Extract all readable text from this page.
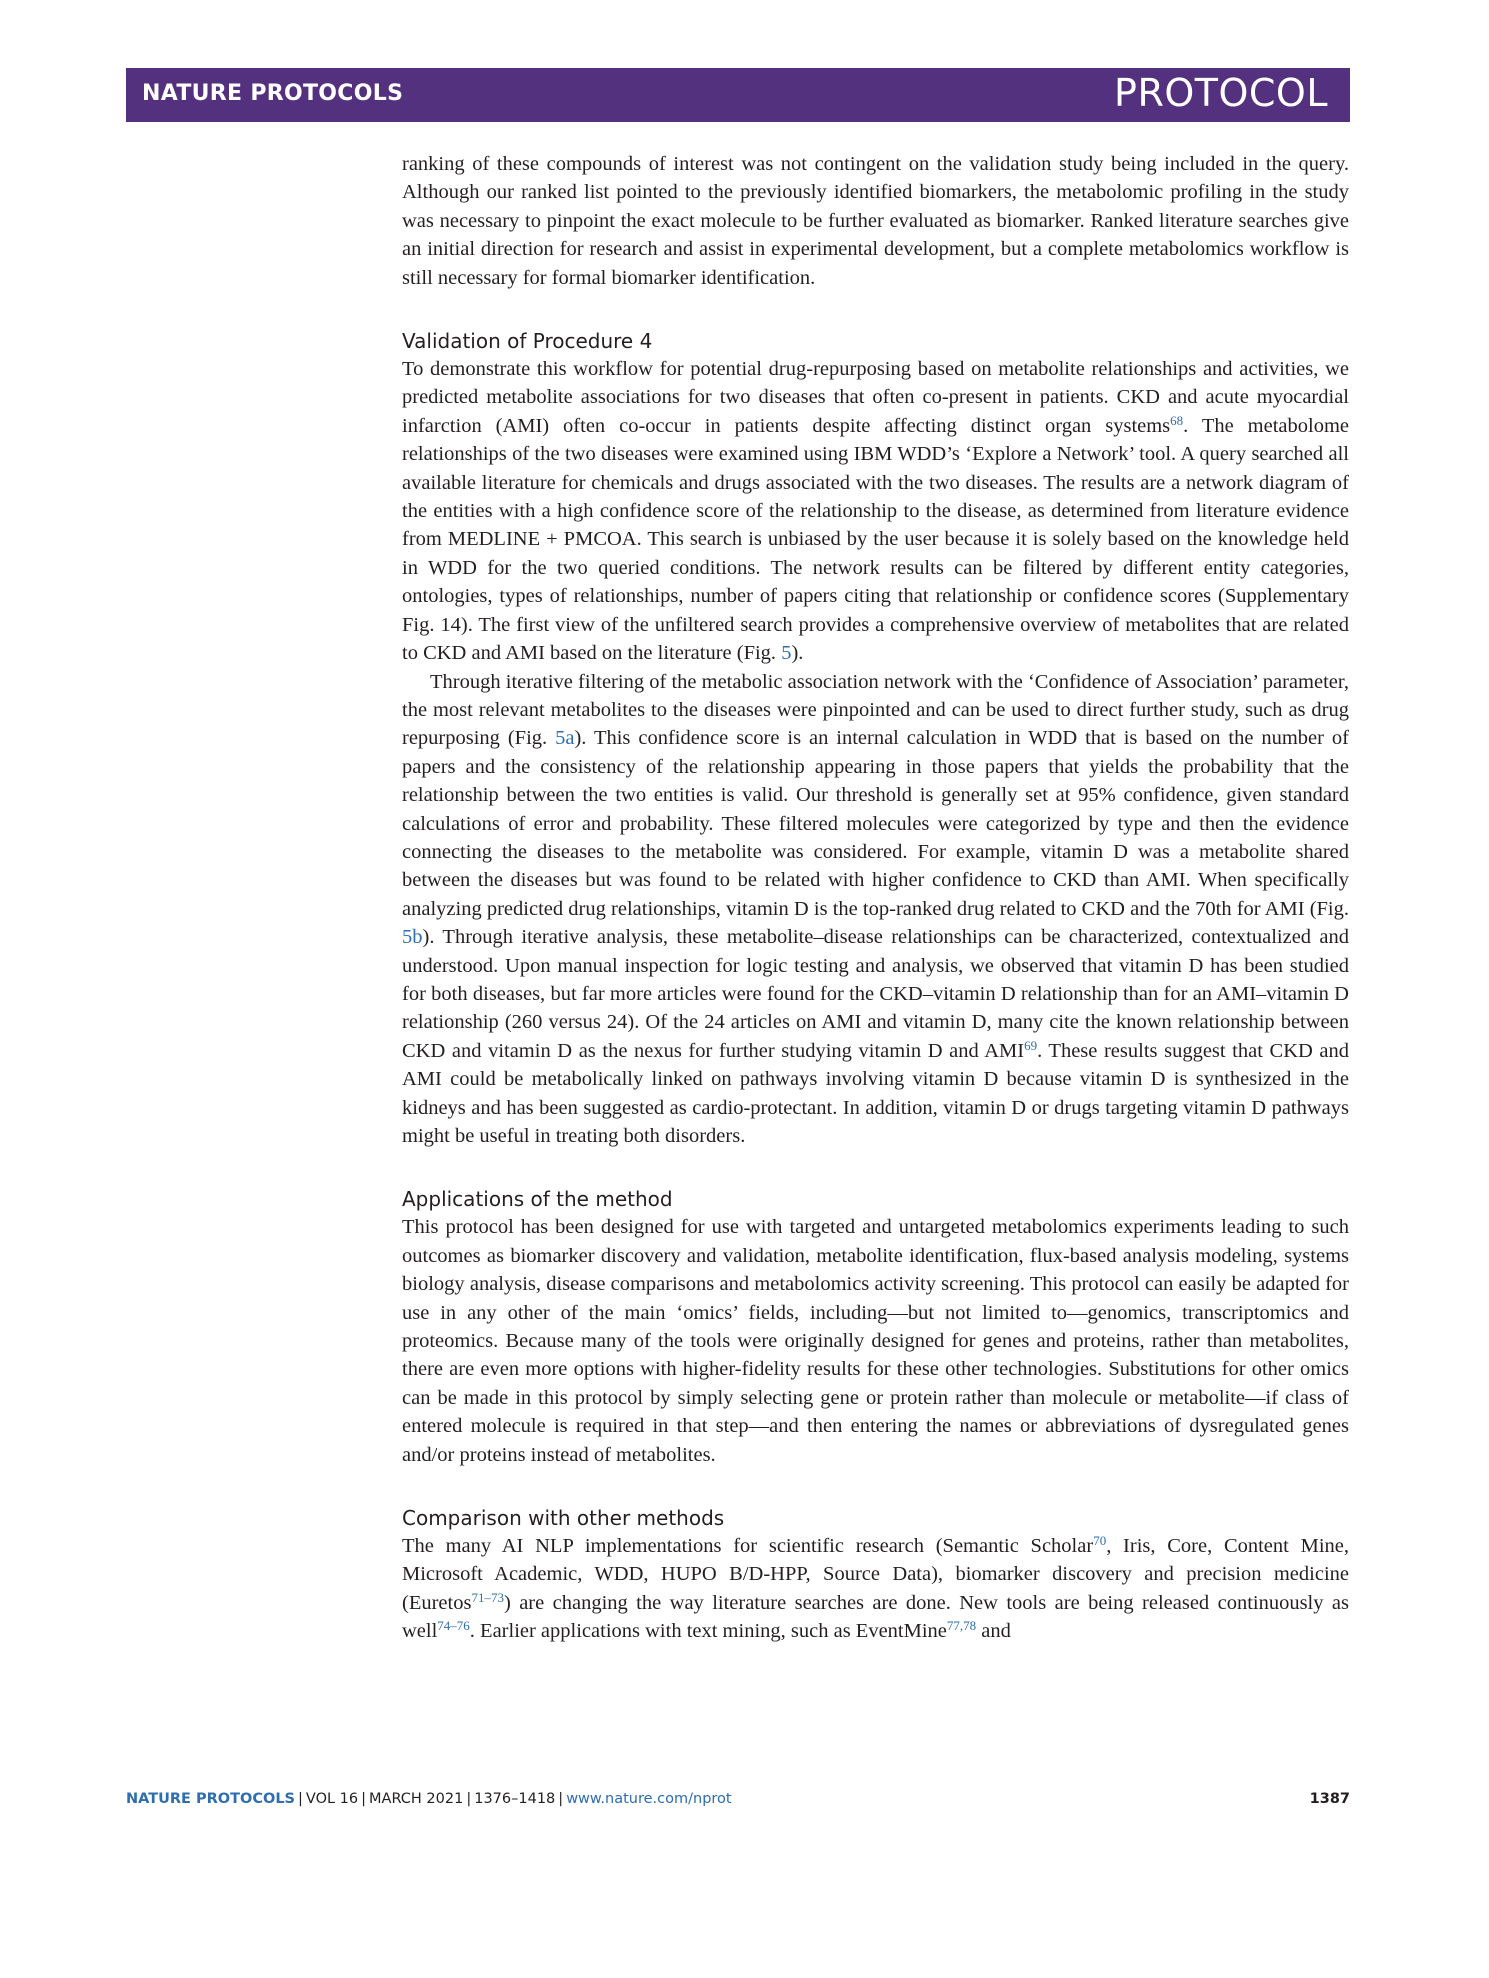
NATURE PROTOCOLS	PROTOCOL

ranking of these compounds of interest was not contingent on the validation study being included in the query. Although our ranked list pointed to the previously identified biomarkers, the metabolomic profiling in the study was necessary to pinpoint the exact molecule to be further evaluated as biomarker. Ranked literature searches give an initial direction for research and assist in experimental development, but a complete metabolomics workflow is still necessary for formal biomarker identification.

Validation of Procedure 4

To demonstrate this workflow for potential drug-repurposing based on metabolite relationships and activities, we predicted metabolite associations for two diseases that often co-present in patients. CKD and acute myocardial infarction (AMI) often co-occur in patients despite affecting distinct organ systems$^{68}$. The metabolome relationships of the two diseases were examined using IBM WDD’s ‘Explore a Network’ tool. A query searched all available literature for chemicals and drugs associated with the two diseases. The results are a network diagram of the entities with a high confidence score of the relationship to the disease, as determined from literature evidence from MEDLINE + PMCOA. This search is unbiased by the user because it is solely based on the knowledge held in WDD for the two queried conditions. The network results can be filtered by different entity categories, ontologies, types of relationships, number of papers citing that relationship or confidence scores (Supplementary Fig. 14). The first view of the unfiltered search provides a comprehensive overview of metabolites that are related to CKD and AMI based on the literature (Fig. 5).

Through iterative filtering of the metabolic association network with the ‘Confidence of Association’ parameter, the most relevant metabolites to the diseases were pinpointed and can be used to direct further study, such as drug repurposing (Fig. 5a). This confidence score is an internal calculation in WDD that is based on the number of papers and the consistency of the relationship appearing in those papers that yields the probability that the relationship between the two entities is valid. Our threshold is generally set at 95% confidence, given standard calculations of error and probability. These filtered molecules were categorized by type and then the evidence connecting the diseases to the metabolite was considered. For example, vitamin D was a metabolite shared between the diseases but was found to be related with higher confidence to CKD than AMI. When specifically analyzing predicted drug relationships, vitamin D is the top-ranked drug related to CKD and the 70th for AMI (Fig. 5b). Through iterative analysis, these metabolite–disease relationships can be characterized, contextualized and understood. Upon manual inspection for logic testing and analysis, we observed that vitamin D has been studied for both diseases, but far more articles were found for the CKD–vitamin D relationship than for an AMI–vitamin D relationship (260 versus 24). Of the 24 articles on AMI and vitamin D, many cite the known relationship between CKD and vitamin D as the nexus for further studying vitamin D and AMI$^{69}$. These results suggest that CKD and AMI could be metabolically linked on pathways involving vitamin D because vitamin D is synthesized in the kidneys and has been suggested as cardio-protectant. In addition, vitamin D or drugs targeting vitamin D pathways might be useful in treating both disorders.

Applications of the method

This protocol has been designed for use with targeted and untargeted metabolomics experiments leading to such outcomes as biomarker discovery and validation, metabolite identification, flux-based analysis modeling, systems biology analysis, disease comparisons and metabolomics activity screening. This protocol can easily be adapted for use in any other of the main ‘omics’ fields, including—but not limited to—genomics, transcriptomics and proteomics. Because many of the tools were originally designed for genes and proteins, rather than metabolites, there are even more options with higher-fidelity results for these other technologies. Substitutions for other omics can be made in this protocol by simply selecting gene or protein rather than molecule or metabolite—if class of entered molecule is required in that step—and then entering the names or abbreviations of dysregulated genes and/or proteins instead of metabolites.

Comparison with other methods

The many AI NLP implementations for scientific research (Semantic Scholar$^{70}$, Iris, Core, Content Mine, Microsoft Academic, WDD, HUPO B/D-HPP, Source Data), biomarker discovery and precision medicine (Euretos$^{71-73}$) are changing the way literature searches are done. New tools are being released continuously as well$^{74-76}$. Earlier applications with text mining, such as EventMine$^{77,78}$ and

NATURE PROTOCOLS | VOL 16 | MARCH 2021 | 1376–1418 | www.nature.com/nprot	1387
